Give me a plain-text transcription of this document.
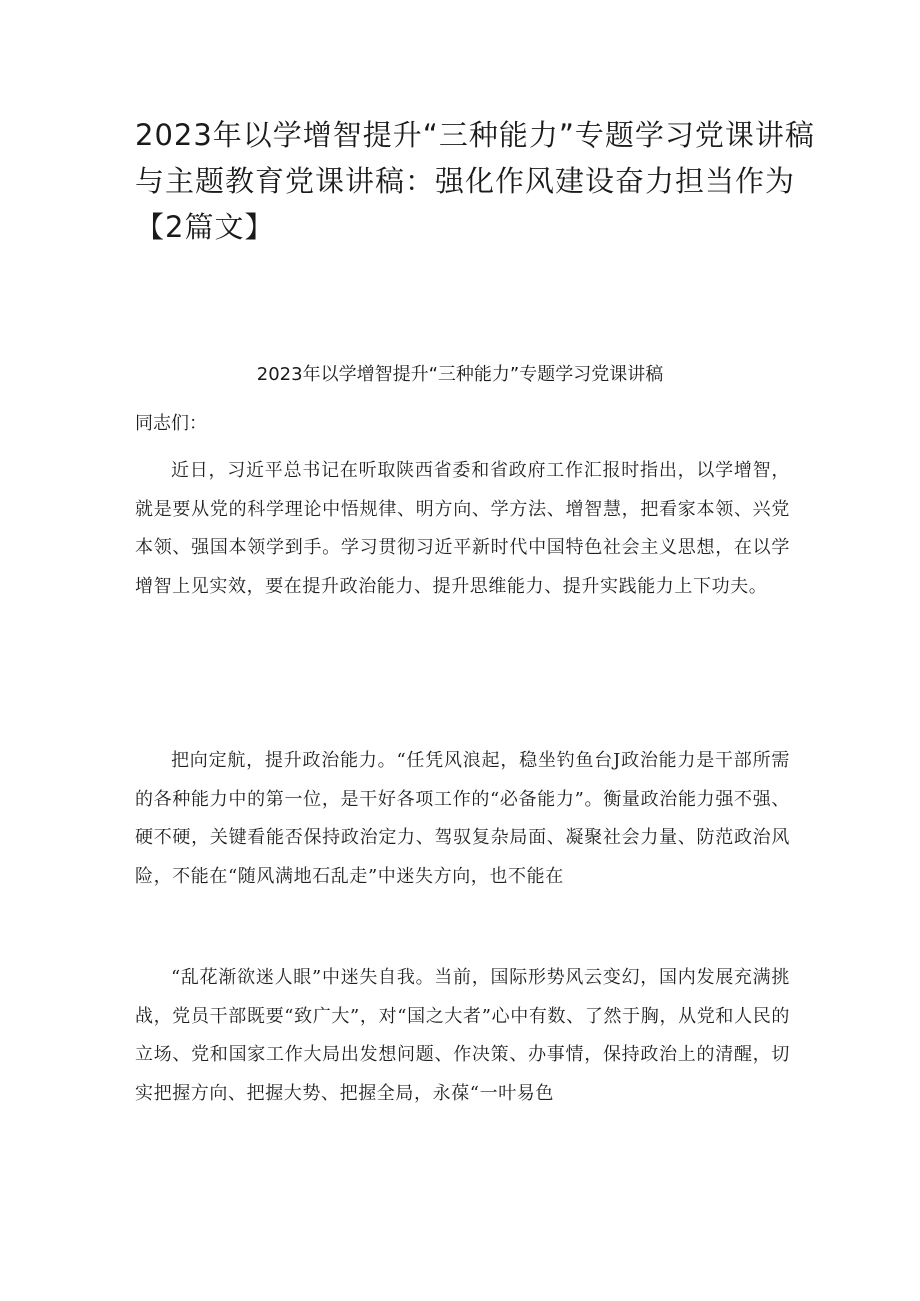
2023年以学增智提升“三种能力”专题学习党课讲稿与主题教育党课讲稿：强化作风建设奋力担当作为【2篇文】
2023年以学增智提升“三种能力”专题学习党课讲稿

同志们：

近日，习近平总书记在听取陕西省委和省政府工作汇报时指出，以学增智，就是要从党的科学理论中悟规律、明方向、学方法、增智慧，把看家本领、兴党本领、强国本领学到手。学习贯彻习近平新时代中国特色社会主义思想，在以学增智上见实效，要在提升政治能力、提升思维能力、提升实践能力上下功夫。

把向定航，提升政治能力。“任凭风浪起，稳坐钓鱼台J政治能力是干部所需的各种能力中的第一位，是干好各项工作的“必备能力”。衡量政治能力强不强、硬不硬，关键看能否保持政治定力、驾驭复杂局面、凝聚社会力量、防范政治风险，不能在“随风满地石乱走”中迷失方向，也不能在

“乱花渐欲迷人眼”中迷失自我。当前，国际形势风云变幻，国内发展充满挑战，党员干部既要“致广大”，对“国之大者”心中有数、了然于胸，从党和人民的立场、党和国家工作大局出发想问题、作决策、办事情，保持政治上的清醒，切实把握方向、把握大势、把握全局，永葆“一叶易色
